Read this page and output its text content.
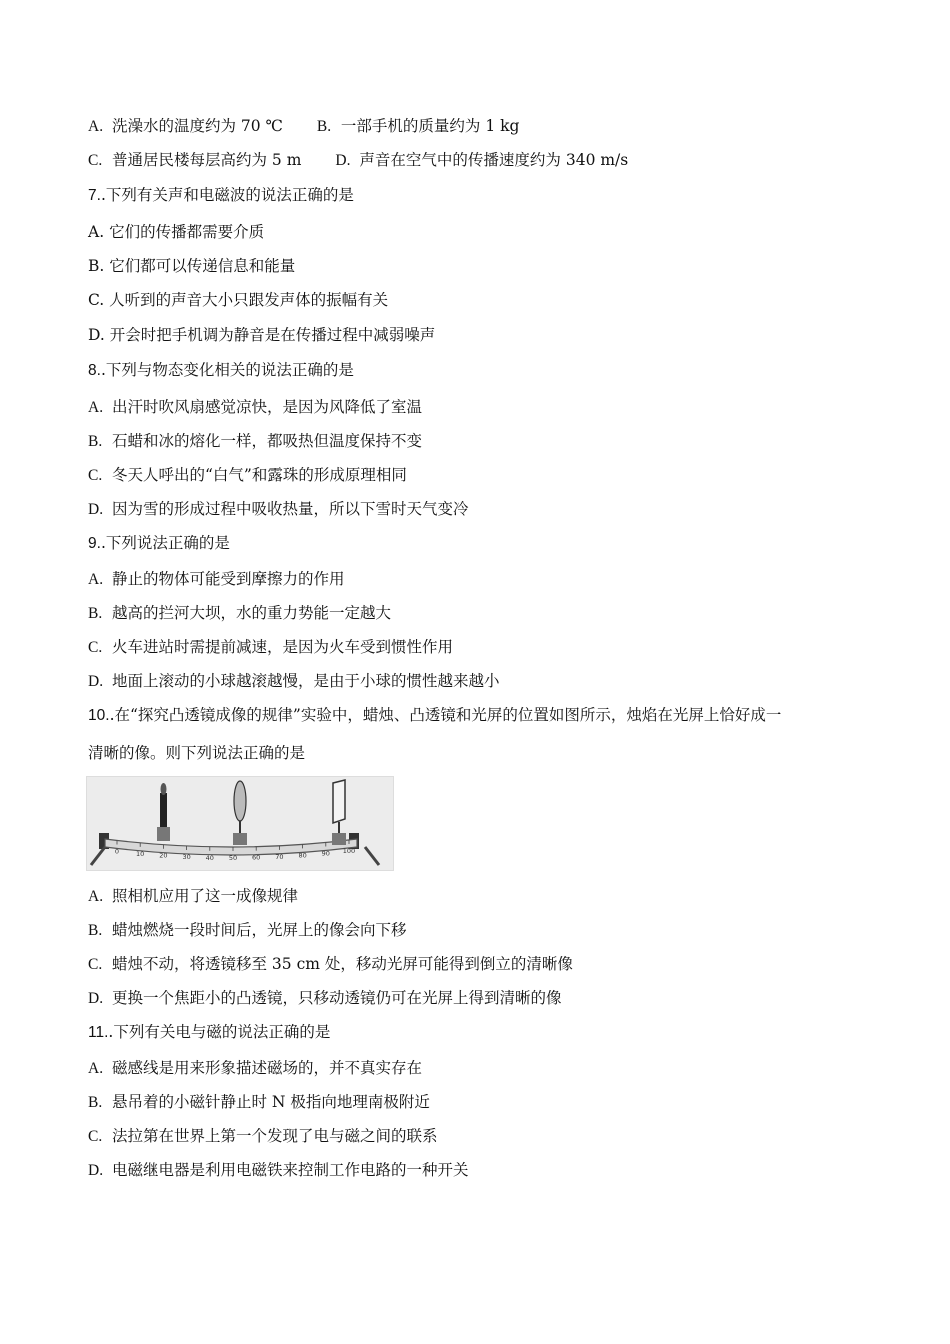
A. 洗澡水的温度约为 70 ℃ B. 一部手机的质量约为 1 kg
C. 普通居民楼每层高约为 5 m D. 声音在空气中的传播速度约为 340 m/s
7..下列有关声和电磁波的说法正确的是
A. 它们的传播都需要介质
B. 它们都可以传递信息和能量
C. 人听到的声音大小只跟发声体的振幅有关
D. 开会时把手机调为静音是在传播过程中减弱噪声
8..下列与物态变化相关的说法正确的是
A. 出汗时吹风扇感觉凉快，是因为风降低了室温
B. 石蜡和冰的熔化一样，都吸热但温度保持不变
C. 冬天人呼出的“白气”和露珠的形成原理相同
D. 因为雪的形成过程中吸收热量，所以下雪时天气变冷
9..下列说法正确的是
A. 静止的物体可能受到摩擦力的作用
B. 越高的拦河大坝，水的重力势能一定越大
C. 火车进站时需提前减速，是因为火车受到惯性作用
D. 地面上滚动的小球越滚越慢，是由于小球的惯性越来越小
10..在“探究凸透镜成像的规律”实验中，蜡烛、凸透镜和光屏的位置如图所示，烛焰在光屏上恰好成一
清晰的像。则下列说法正确的是
0	10 20 30 40 50 60 70 80 90 100
A. 照相机应用了这一成像规律
B. 蜡烛燃烧一段时间后，光屏上的像会向下移
C. 蜡烛不动，将透镜移至 35 cm 处，移动光屏可能得到倒立的清晰像
D. 更换一个焦距小的凸透镜，只移动透镜仍可在光屏上得到清晰的像
11..下列有关电与磁的说法正确的是
A. 磁感线是用来形象描述磁场的，并不真实存在
B. 悬吊着的小磁针静止时 N 极指向地理南极附近
C. 法拉第在世界上第一个发现了电与磁之间的联系
D. 电磁继电器是利用电磁铁来控制工作电路的一种开关
